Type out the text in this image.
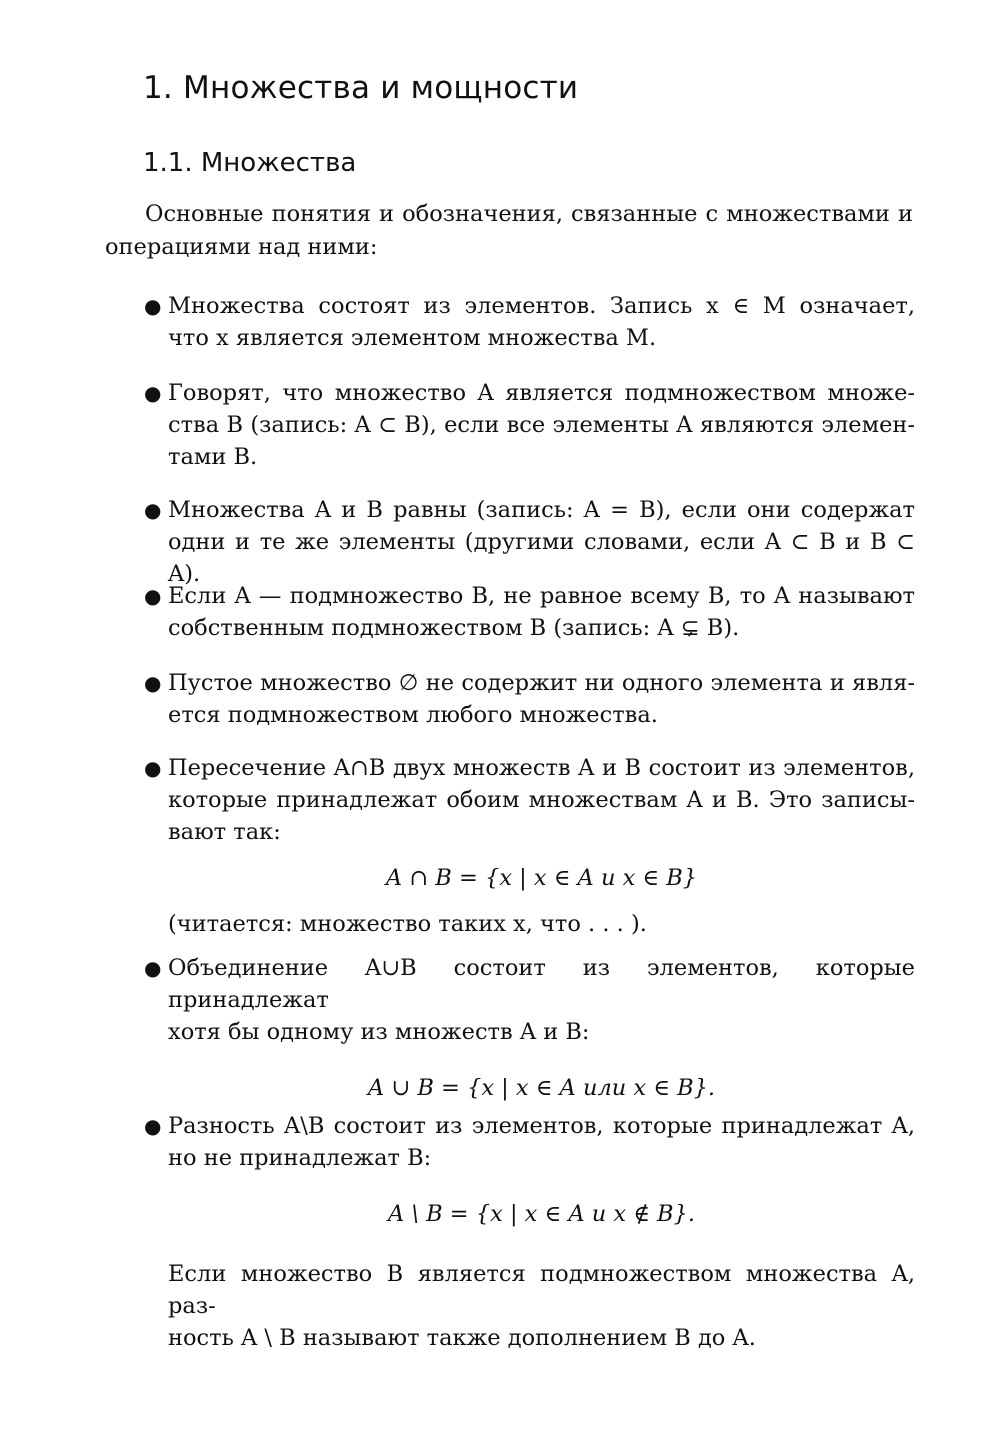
1. Множества и мощности
1.1. Множества
Основные понятия и обозначения, связанные с множествами и
операциями над ними:
● Множества состоят из элементов. Запись x ∈ M означает,
что x является элементом множества M.
● Говорят, что множество A является подмножеством множе-
ства B (запись: A ⊂ B), если все элементы A являются элемен-
тами B.
● Множества A и B равны (запись: A = B), если они содержат
одни и те же элементы (другими словами, если A ⊂ B и B ⊂ A).
● Если A — подмножество B, не равное всему B, то A называют
собственным подмножеством B (запись: A ⊊ B).
● Пустое множество ∅ не содержит ни одного элемента и явля-
ется подмножеством любого множества.
● Пересечение A∩B двух множеств A и B состоит из элементов,
которые принадлежат обоим множествам A и B. Это записы-
вают так:
A ∩ B = {x | x ∈ A и x ∈ B}
(читается: множество таких x, что . . . ).
● Объединение A∪B состоит из элементов, которые принадлежат
хотя бы одному из множеств A и B:
A ∪ B = {x | x ∈ A или x ∈ B}.
● Разность A\B состоит из элементов, которые принадлежат A,
но не принадлежат B:
A \ B = {x | x ∈ A и x ∉ B}.
Если множество B является подмножеством множества A, раз-
ность A \ B называют также дополнением B до A.
